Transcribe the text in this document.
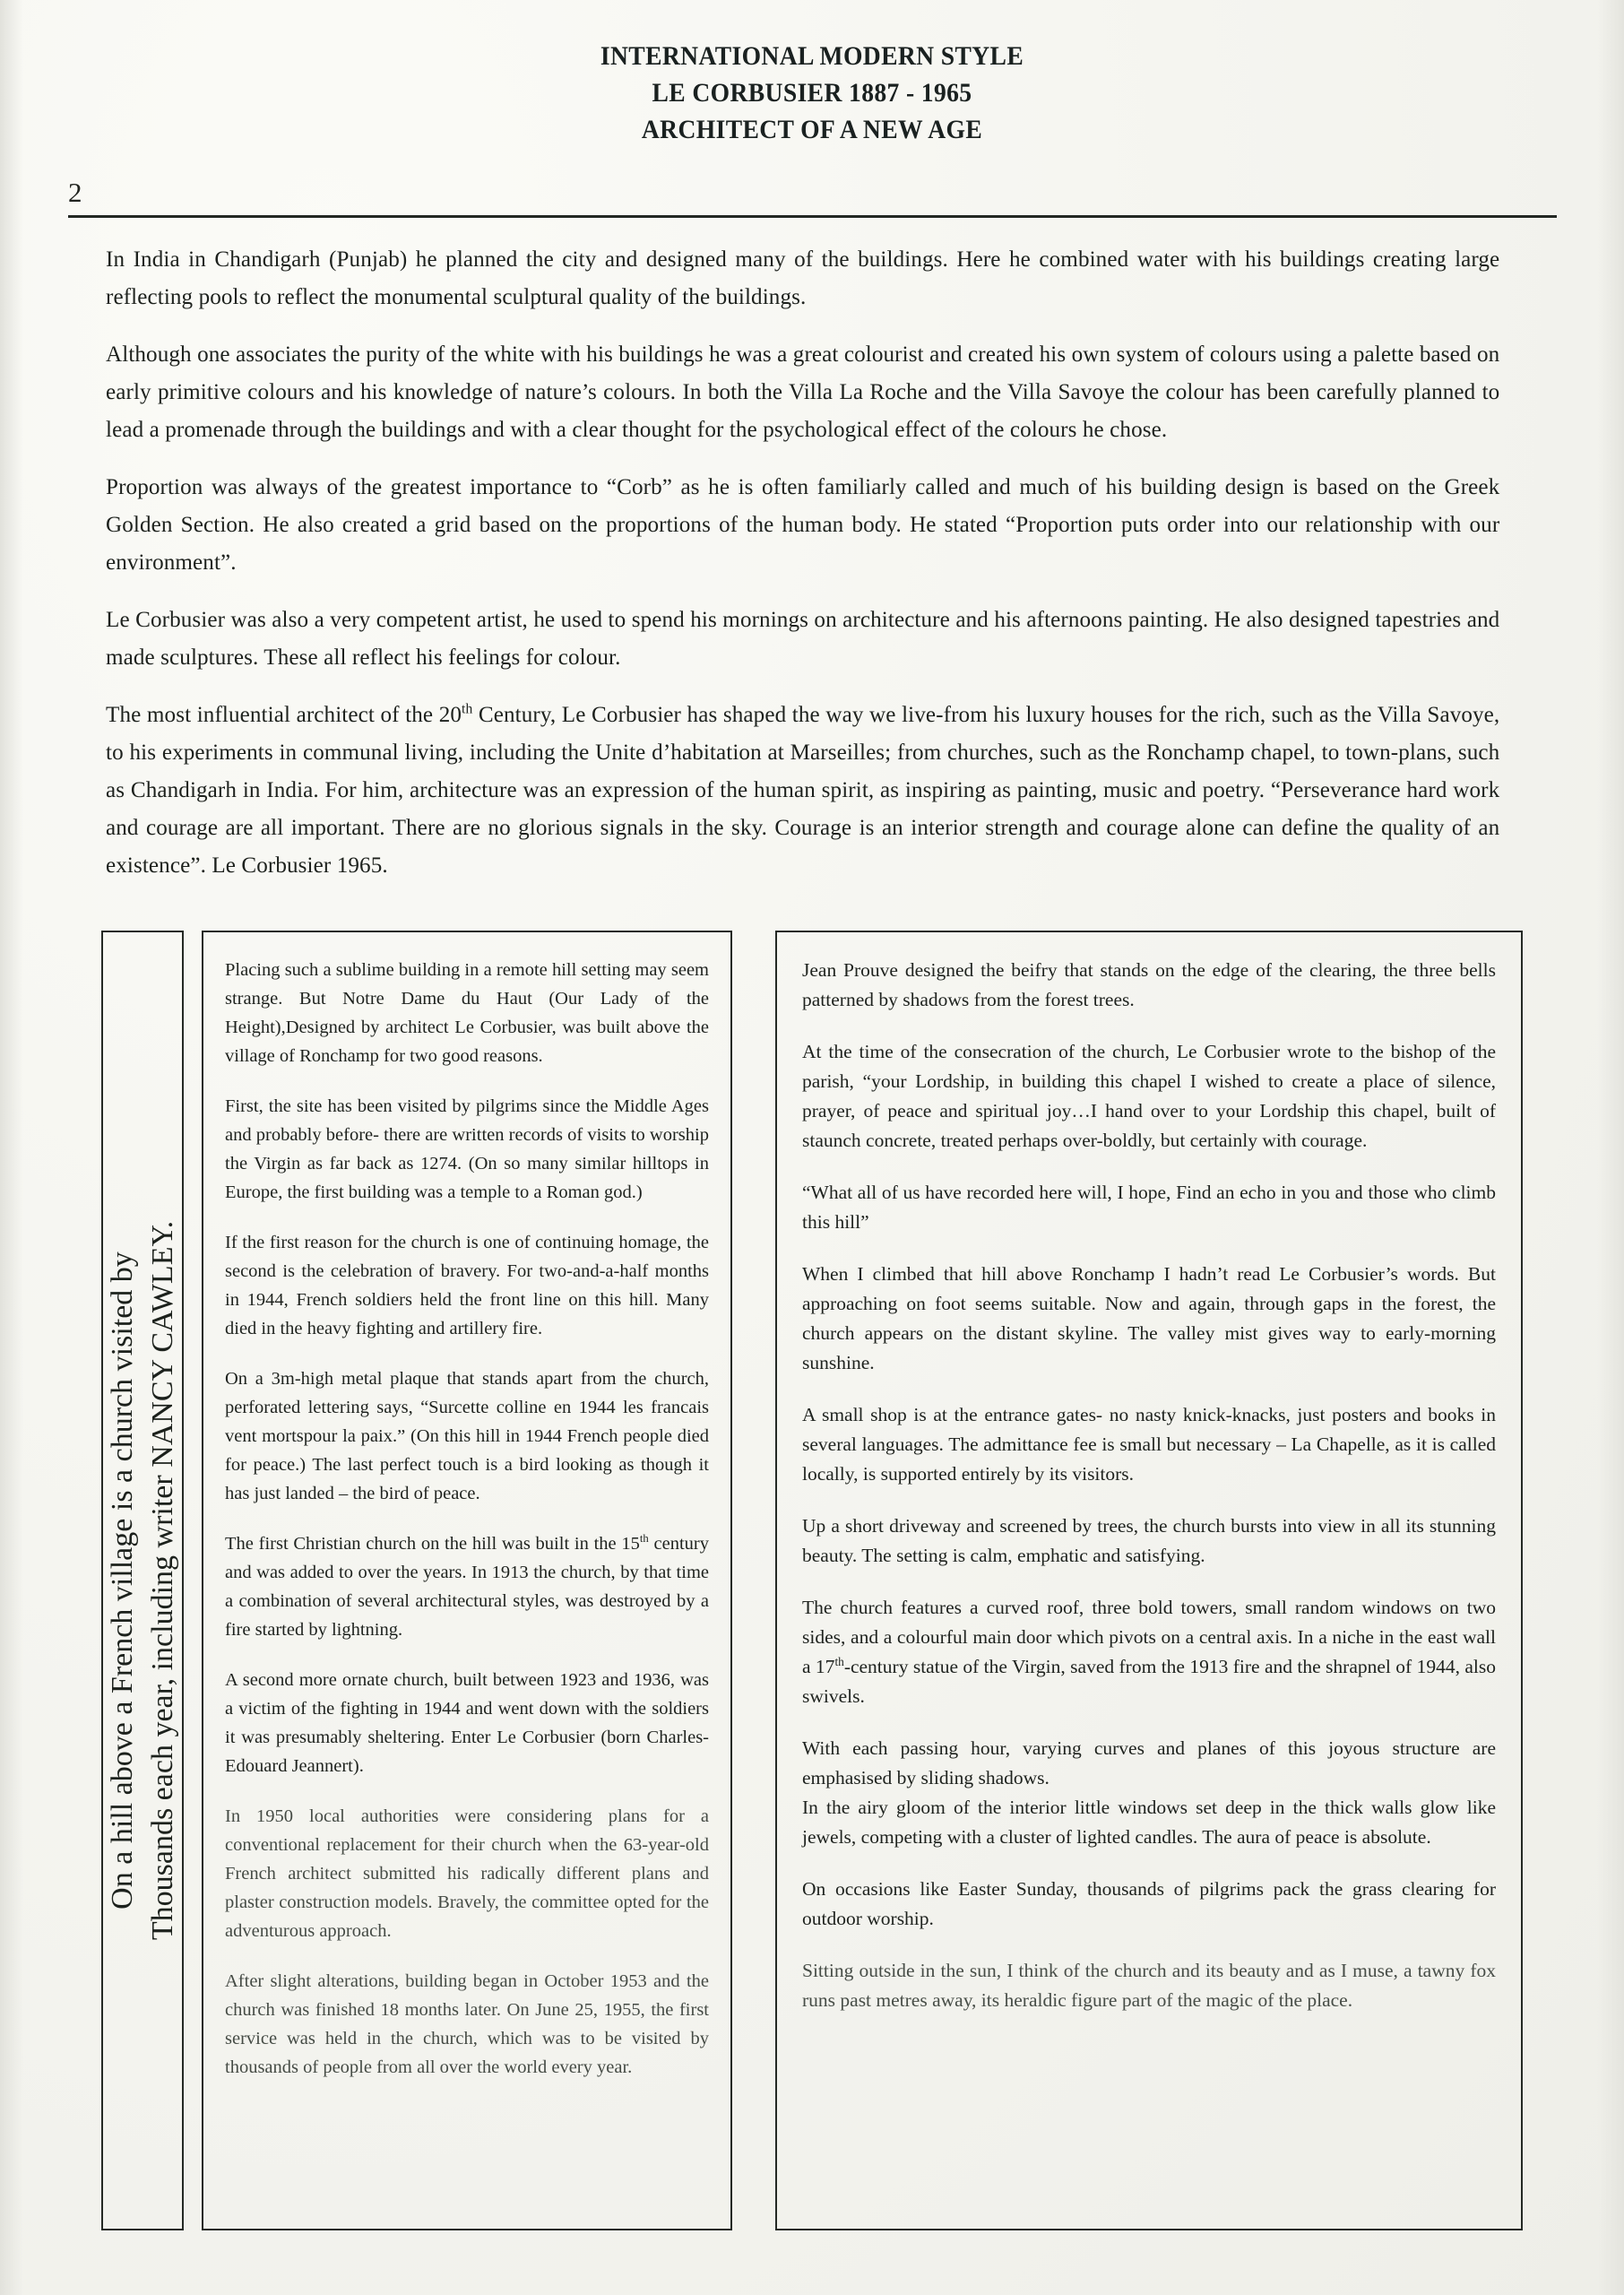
INTERNATIONAL MODERN STYLE
LE CORBUSIER 1887 - 1965
ARCHITECT OF A NEW AGE
2

In India in Chandigarh (Punjab) he planned the city and designed many of the buildings. Here he combined water with his buildings creating large reflecting pools to reflect the monumental sculptural quality of the buildings.

Although one associates the purity of the white with his buildings he was a great colourist and created his own system of colours using a palette based on early primitive colours and his knowledge of nature’s colours. In both the Villa La Roche and the Villa Savoye the colour has been carefully planned to lead a promenade through the buildings and with a clear thought for the psychological effect of the colours he chose.

Proportion was always of the greatest importance to “Corb” as he is often familiarly called and much of his building design is based on the Greek Golden Section. He also created a grid based on the proportions of the human body. He stated “Proportion puts order into our relationship with our environment”.

Le Corbusier was also a very competent artist, he used to spend his mornings on architecture and his afternoons painting. He also designed tapestries and made sculptures. These all reflect his feelings for colour.

The most influential architect of the 20th Century, Le Corbusier has shaped the way we live-from his luxury houses for the rich, such as the Villa Savoye, to his experiments in communal living, including the Unite d’habitation at Marseilles; from churches, such as the Ronchamp chapel, to town-plans, such as Chandigarh in India. For him, architecture was an expression of the human spirit, as inspiring as painting, music and poetry. “Perseverance hard work and courage are all important. There are no glorious signals in the sky. Courage is an interior strength and courage alone can define the quality of an existence”. Le Corbusier 1965.

On a hill above a French village is a church visited by Thousands each year, including writer NANCY CAWLEY.

Placing such a sublime building in a remote hill setting may seem strange. But Notre Dame du Haut (Our Lady of the Height),Designed by architect Le Corbusier, was built above the village of Ronchamp for two good reasons.

First, the site has been visited by pilgrims since the Middle Ages and probably before- there are written records of visits to worship the Virgin as far back as 1274. (On so many similar hilltops in Europe, the first building was a temple to a Roman god.)

If the first reason for the church is one of continuing homage, the second is the celebration of bravery. For two-and-a-half months in 1944, French soldiers held the front line on this hill. Many died in the heavy fighting and artillery fire.

On a 3m-high metal plaque that stands apart from the church, perforated lettering says, “Surcette colline en 1944 les francais vent mortspour la paix.” (On this hill in 1944 French people died for peace.) The last perfect touch is a bird looking as though it has just landed – the bird of peace.

The first Christian church on the hill was built in the 15th century and was added to over the years. In 1913 the church, by that time a combination of several architectural styles, was destroyed by a fire started by lightning.

A second more ornate church, built between 1923 and 1936, was a victim of the fighting in 1944 and went down with the soldiers it was presumably sheltering. Enter Le Corbusier (born Charles-Edouard Jeannert).

In 1950 local authorities were considering plans for a conventional replacement for their church when the 63-year-old French architect submitted his radically different plans and plaster construction models. Bravely, the committee opted for the adventurous approach.

After slight alterations, building began in October 1953 and the church was finished 18 months later. On June 25, 1955, the first service was held in the church, which was to be visited by thousands of people from all over the world every year.

Jean Prouve designed the beifry that stands on the edge of the clearing, the three bells patterned by shadows from the forest trees.

At the time of the consecration of the church, Le Corbusier wrote to the bishop of the parish, “your Lordship, in building this chapel I wished to create a place of silence, prayer, of peace and spiritual joy…I hand over to your Lordship this chapel, built of staunch concrete, treated perhaps over-boldly, but certainly with courage.

“What all of us have recorded here will, I hope, Find an echo in you and those who climb this hill”

When I climbed that hill above Ronchamp I hadn’t read Le Corbusier’s words. But approaching on foot seems suitable. Now and again, through gaps in the forest, the church appears on the distant skyline. The valley mist gives way to early-morning sunshine.

A small shop is at the entrance gates- no nasty knick-knacks, just posters and books in several languages. The admittance fee is small but necessary – La Chapelle, as it is called locally, is supported entirely by its visitors.

Up a short driveway and screened by trees, the church bursts into view in all its stunning beauty. The setting is calm, emphatic and satisfying.

The church features a curved roof, three bold towers, small random windows on two sides, and a colourful main door which pivots on a central axis. In a niche in the east wall a 17th-century statue of the Virgin, saved from the 1913 fire and the shrapnel of 1944, also swivels.

With each passing hour, varying curves and planes of this joyous structure are emphasised by sliding shadows.

In the airy gloom of the interior little windows set deep in the thick walls glow like jewels, competing with a cluster of lighted candles. The aura of peace is absolute.

On occasions like Easter Sunday, thousands of pilgrims pack the grass clearing for outdoor worship.

Sitting outside in the sun, I think of the church and its beauty and as I muse, a tawny fox runs past metres away, its heraldic figure part of the magic of the place.
